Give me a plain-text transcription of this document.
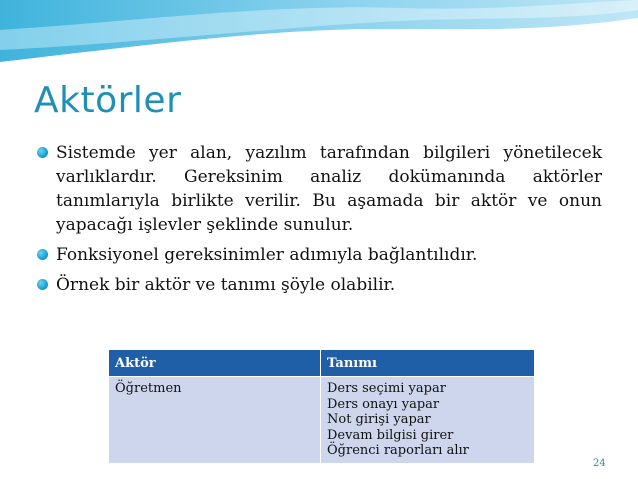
Aktörler
Sistemde yer alan, yazılım tarafından bilgileri yönetilecek varlıklardır. Gereksinim analiz dokümanında aktörler tanımlarıyla birlikte verilir. Bu aşamada bir aktör ve onun yapacağı işlevler şeklinde sunulur.
Fonksiyonel gereksinimler adımıyla bağlantılıdır.
Örnek bir aktör ve tanımı şöyle olabilir.
Aktör	Tanımı
Öğretmen	Ders seçimi yapar
Ders onayı yapar
Not girişi yapar
Devam bilgisi girer
Öğrenci raporları alır
24
